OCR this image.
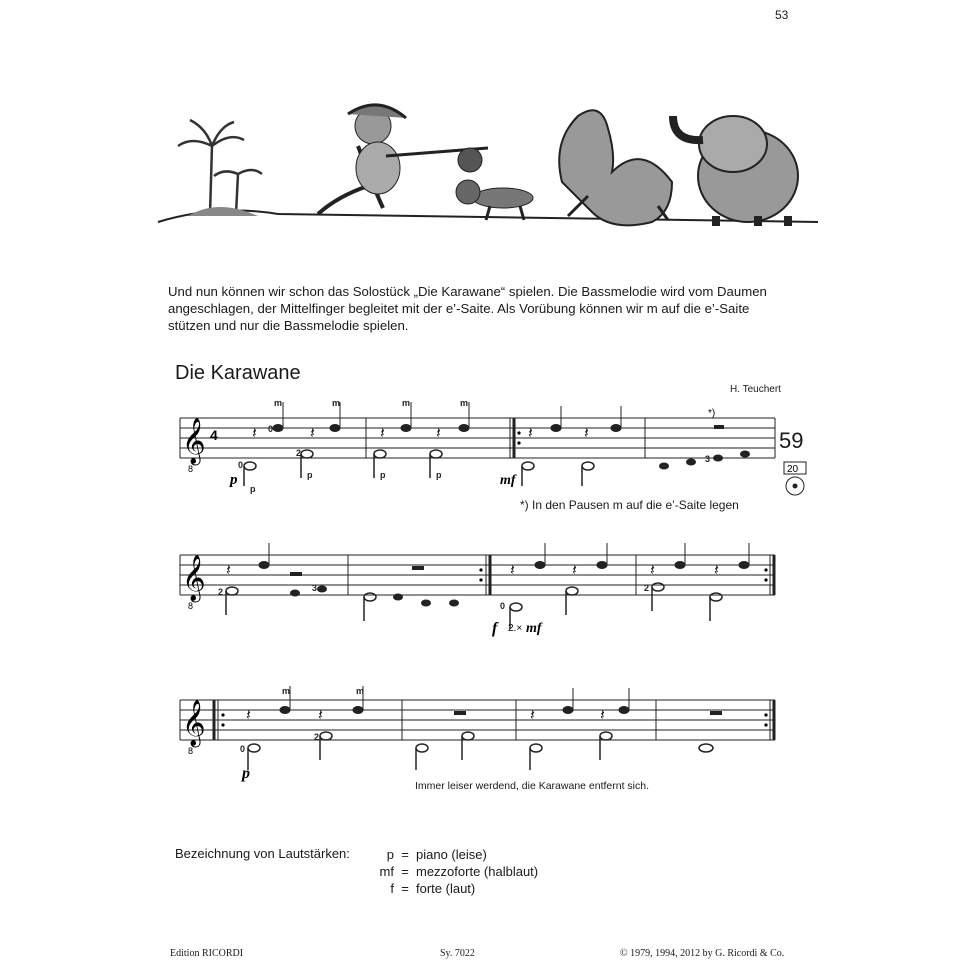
53
Und nun können wir schon das Solostück „Die Karawane“ spielen. Die Bassmelodie wird vom Daumen angeschlagen, der Mittelfinger begleitet mit der e’-Saite. Als Vorübung können wir m auf die e’-Saite stützen und nur die Bassmelodie spielen.
Die Karawane
H. Teuchert
𝄞
8
4 𝄽	𝄽	𝄽	𝄽	𝄽	𝄽
*)
m	m	m	m
0
0
2
3
p
p	p	p
p	mf
20
59
*) In den Pausen m auf die e’-Saite legen
𝄞
8
𝄽	𝄽	𝄽	𝄽	𝄽
2	3
0
2
f 2.× mf
𝄞
8
𝄽	𝄽	𝄽	𝄽
m	m
0
2
p
Immer leiser werdend, die Karawane entfernt sich.
Bezeichnung von Lautstärken:	p = piano (leise)
mf = mezzoforte (halblaut)
f = forte (laut)
Edition RICORDI	Sy. 7022	© 1979, 1994, 2012 by G. Ricordi & Co.
